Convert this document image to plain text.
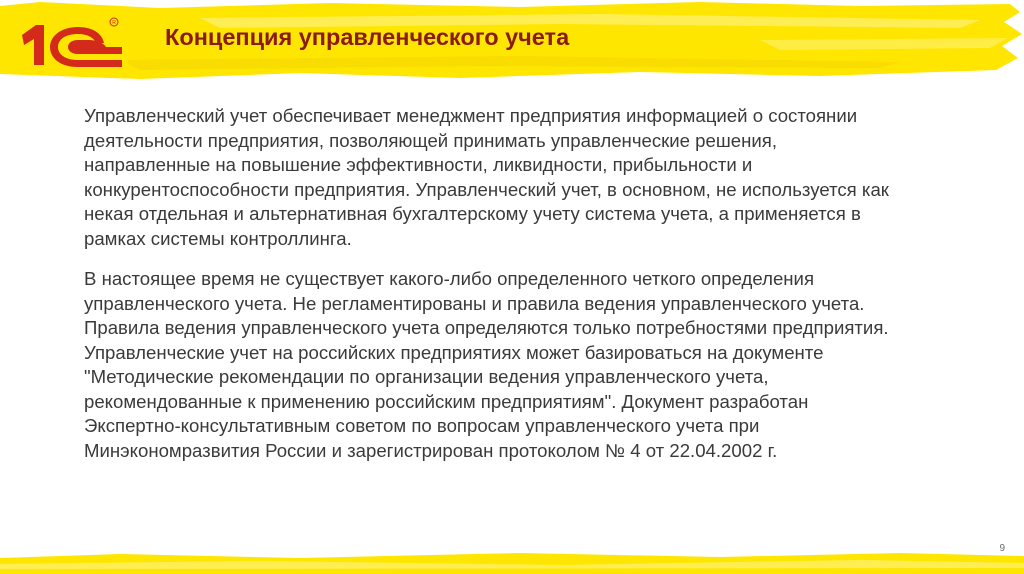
R
Концепция управленческого учета

Управленческий учет обеспечивает менеджмент предприятия информацией о состоянии
деятельности предприятия, позволяющей принимать управленческие решения,
направленные на повышение эффективности, ликвидности, прибыльности и
конкурентоспособности предприятия. Управленческий учет, в основном, не используется как
некая отдельная и альтернативная бухгалтерскому учету система учета, а применяется в
рамках системы контроллинга.

В настоящее время не существует какого-либо определенного четкого определения
управленческого учета. Не регламентированы и правила ведения управленческого учета.
Правила ведения управленческого учета определяются только потребностями предприятия.
Управленческие учет на российских предприятиях может базироваться на документе
"Методические рекомендации по организации ведения управленческого учета,
рекомендованные к применению российским предприятиям". Документ разработан
Экспертно-консультативным советом по вопросам управленческого учета при
Минэкономразвития России и зарегистрирован протоколом № 4 от 22.04.2002 г.

9
